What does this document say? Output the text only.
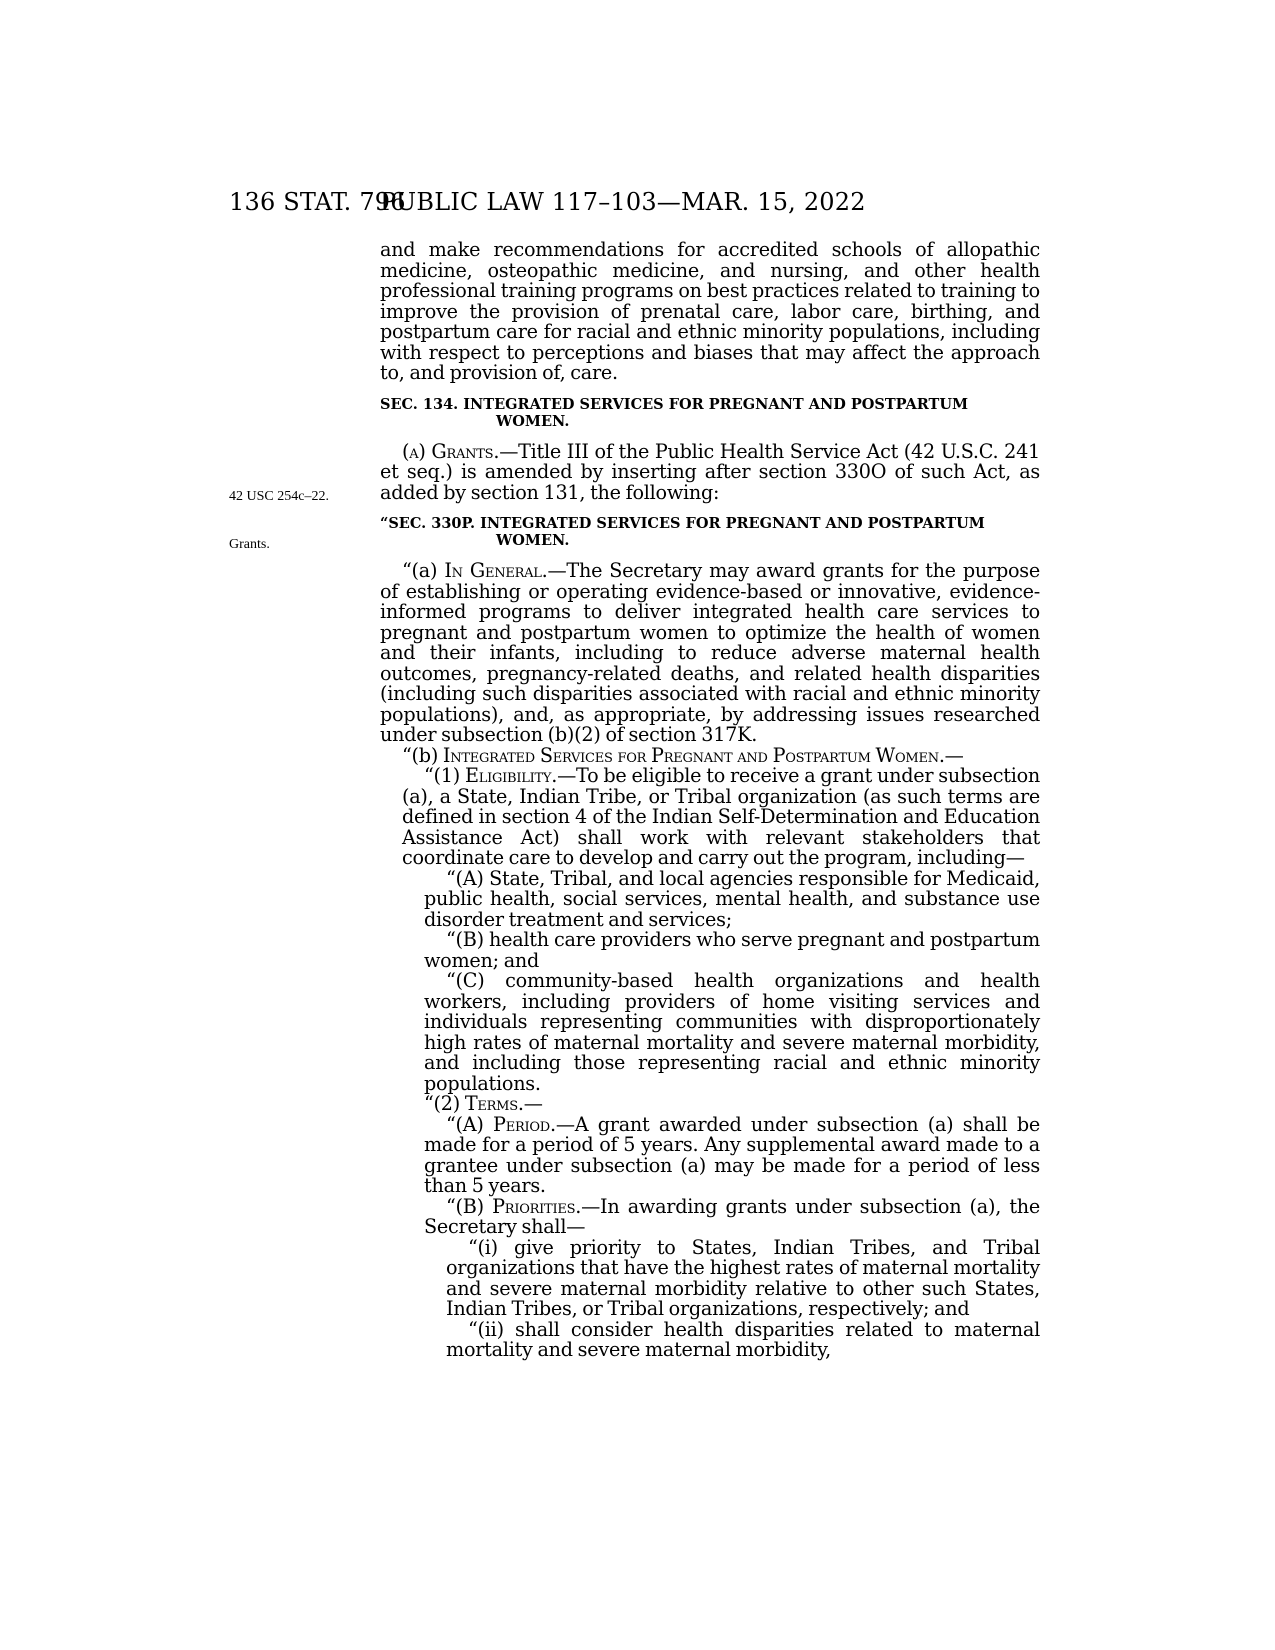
136 STAT. 796
PUBLIC LAW 117–103—MAR. 15, 2022
42 USC 254c–22.
Grants.

and make recommendations for accredited schools of allopathic medicine, osteopathic medicine, and nursing, and other health professional training programs on best practices related to training to improve the provision of prenatal care, labor care, birthing, and postpartum care for racial and ethnic minority populations, including with respect to perceptions and biases that may affect the approach to, and provision of, care.

SEC. 134. INTEGRATED SERVICES FOR PREGNANT AND POSTPARTUM WOMEN.

(a) Grants.—Title III of the Public Health Service Act (42 U.S.C. 241 et seq.) is amended by inserting after section 330O of such Act, as added by section 131, the following:

“SEC. 330P. INTEGRATED SERVICES FOR PREGNANT AND POSTPARTUM WOMEN.

“(a) In General.—The Secretary may award grants for the purpose of establishing or operating evidence-based or innovative, evidence-informed programs to deliver integrated health care services to pregnant and postpartum women to optimize the health of women and their infants, including to reduce adverse maternal health outcomes, pregnancy-related deaths, and related health disparities (including such disparities associated with racial and ethnic minority populations), and, as appropriate, by addressing issues researched under subsection (b)(2) of section 317K.

“(b) Integrated Services for Pregnant and Postpartum Women.—

“(1) Eligibility.—To be eligible to receive a grant under subsection (a), a State, Indian Tribe, or Tribal organization (as such terms are defined in section 4 of the Indian Self-Determination and Education Assistance Act) shall work with relevant stakeholders that coordinate care to develop and carry out the program, including—

“(A) State, Tribal, and local agencies responsible for Medicaid, public health, social services, mental health, and substance use disorder treatment and services;

“(B) health care providers who serve pregnant and postpartum women; and

“(C) community-based health organizations and health workers, including providers of home visiting services and individuals representing communities with disproportionately high rates of maternal mortality and severe maternal morbidity, and including those representing racial and ethnic minority populations.

“(2) Terms.—

“(A) Period.—A grant awarded under subsection (a) shall be made for a period of 5 years. Any supplemental award made to a grantee under subsection (a) may be made for a period of less than 5 years.

“(B) Priorities.—In awarding grants under subsection (a), the Secretary shall—

“(i) give priority to States, Indian Tribes, and Tribal organizations that have the highest rates of maternal mortality and severe maternal morbidity relative to other such States, Indian Tribes, or Tribal organizations, respectively; and

“(ii) shall consider health disparities related to maternal mortality and severe maternal morbidity,
